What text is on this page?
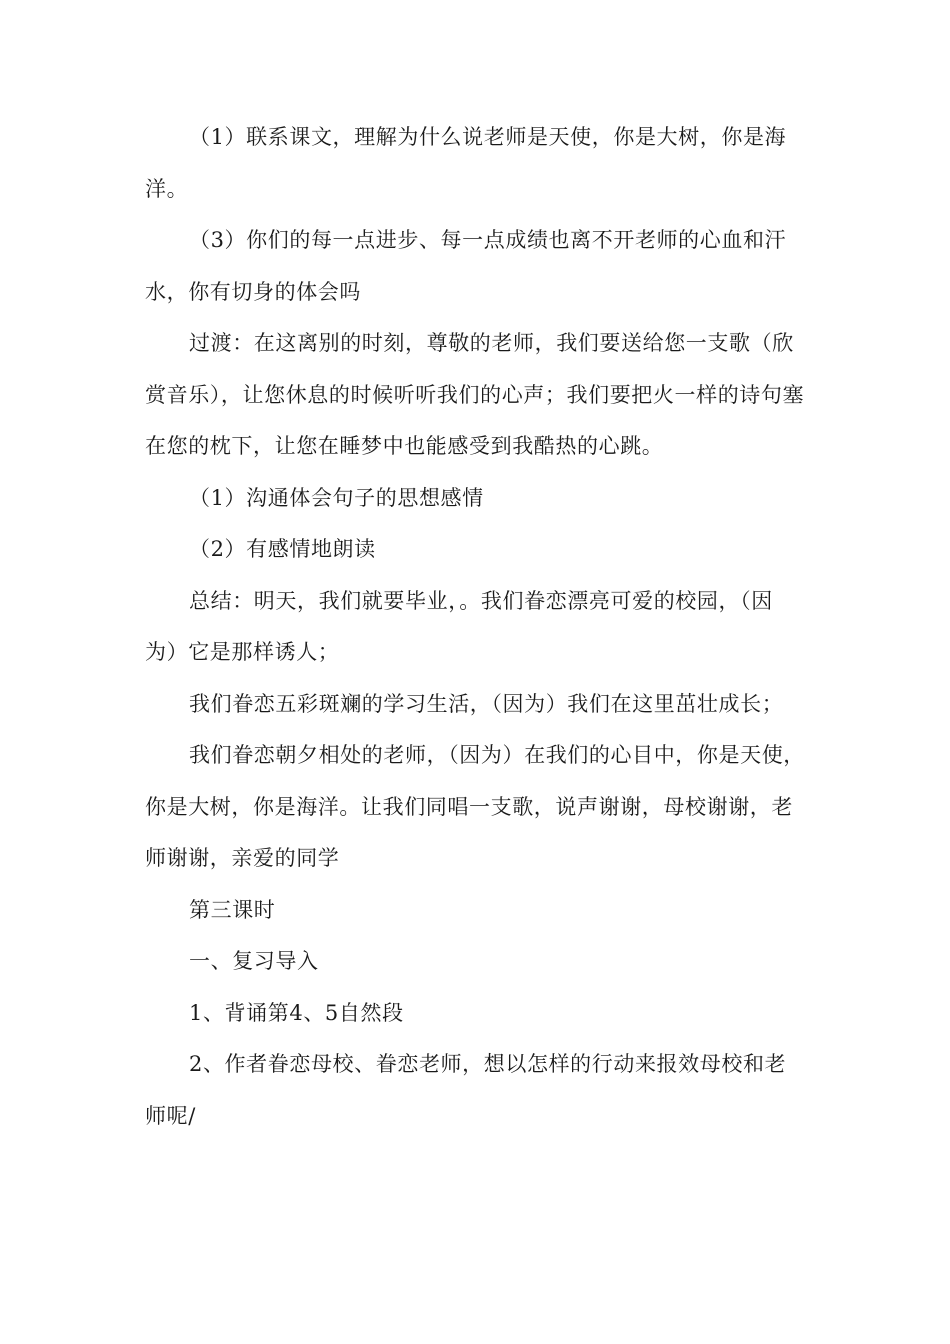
（1）联系课文，理解为什么说老师是天使，你是大树，你是海洋。

（3）你们的每一点进步、每一点成绩也离不开老师的心血和汗水，你有切身的体会吗

过渡：在这离别的时刻，尊敬的老师，我们要送给您一支歌（欣赏音乐），让您休息的时候听听我们的心声；我们要把火一样的诗句塞在您的枕下，让您在睡梦中也能感受到我酷热的心跳。

（1）沟通体会句子的思想感情

（2）有感情地朗读

总结：明天，我们就要毕业，。我们眷恋漂亮可爱的校园，（因为）它是那样诱人；

我们眷恋五彩斑斓的学习生活，（因为）我们在这里茁壮成长；

我们眷恋朝夕相处的老师，（因为）在我们的心目中，你是天使，你是大树，你是海洋。让我们同唱一支歌，说声谢谢，母校谢谢，老师谢谢，亲爱的同学

第三课时

一、复习导入

1、背诵第4、5自然段

2、作者眷恋母校、眷恋老师，想以怎样的行动来报效母校和老师呢/
